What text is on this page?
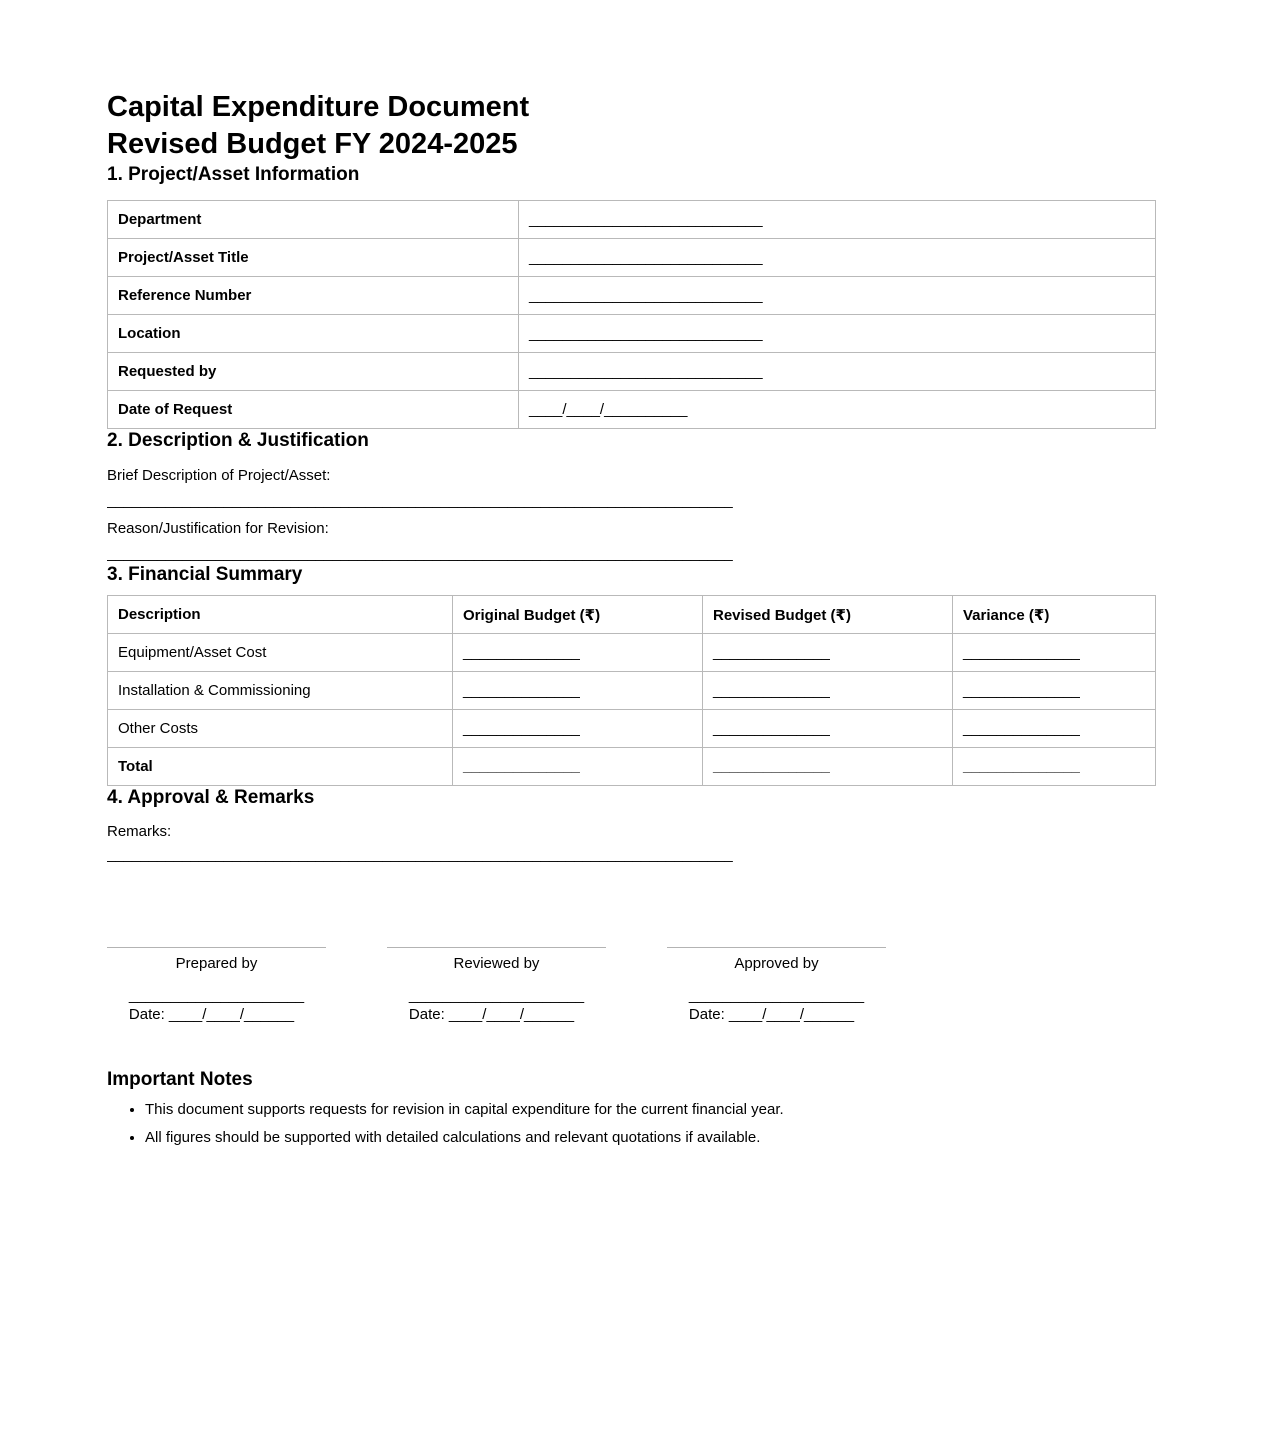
Capital Expenditure Document
Revised Budget FY 2024-2025
1. Project/Asset Information
Department	____________________________
Project/Asset Title	____________________________
Reference Number	____________________________
Location	____________________________
Requested by	____________________________
Date of Request	____/____/__________
2. Description & Justification
Brief Description of Project/Asset:
___________________________________________________________________________
Reason/Justification for Revision:
___________________________________________________________________________
3. Financial Summary
Description	Original Budget (₹)	Revised Budget (₹)	Variance (₹)
Equipment/Asset Cost	______________	______________	______________
Installation & Commissioning	______________	______________	______________
Other Costs	______________	______________	______________
Total	______________	______________	______________
4. Approval & Remarks
Remarks:
___________________________________________________________________________
Prepared by
_____________________
Date: ____/____/______
Reviewed by
_____________________
Date: ____/____/______
Approved by
_____________________
Date: ____/____/______
Important Notes
• This document supports requests for revision in capital expenditure for the current financial year.
• All figures should be supported with detailed calculations and relevant quotations if available.
